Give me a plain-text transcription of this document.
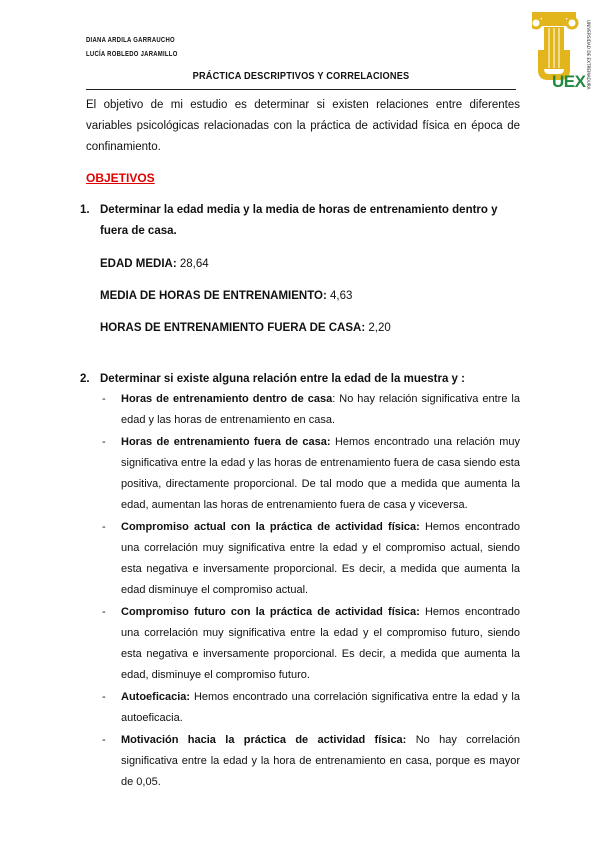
DIANA ARDILA GARRAUCHO
LUCÍA ROBLEDO JARAMILLO	UNIVERSIDAD DE EXTREMADURA
UEX
PRÁCTICA DESCRIPTIVOS Y CORRELACIONES
El objetivo de mi estudio es determinar si existen relaciones entre diferentes variables psicológicas relacionadas con la práctica de actividad física en época de confinamiento.
OBJETIVOS
1. Determinar la edad media y la media de horas de entrenamiento dentro y fuera de casa.
EDAD MEDIA: 28,64
MEDIA DE HORAS DE ENTRENAMIENTO: 4,63
HORAS DE ENTRENAMIENTO FUERA DE CASA: 2,20
2. Determinar si existe alguna relación entre la edad de la muestra y :
- Horas de entrenamiento dentro de casa: No hay relación significativa entre la edad y las horas de entrenamiento en casa.
- Horas de entrenamiento fuera de casa: Hemos encontrado una relación muy significativa entre la edad y las horas de entrenamiento fuera de casa siendo esta positiva, directamente proporcional. De tal modo que a medida que aumenta la edad, aumentan las horas de entrenamiento fuera de casa y viceversa.
- Compromiso actual con la práctica de actividad física: Hemos encontrado una correlación muy significativa entre la edad y el compromiso actual, siendo esta negativa e inversamente proporcional. Es decir, a medida que aumenta la edad disminuye el compromiso actual.
- Compromiso futuro con la práctica de actividad física: Hemos encontrado una correlación muy significativa entre la edad y el compromiso futuro, siendo esta negativa e inversamente proporcional. Es decir, a medida que aumenta la edad, disminuye el compromiso futuro.
- Autoeficacia: Hemos encontrado una correlación significativa entre la edad y la autoeficacia.
- Motivación hacia la práctica de actividad física: No hay correlación significativa entre la edad y la hora de entrenamiento en casa, porque es mayor de 0,05.
